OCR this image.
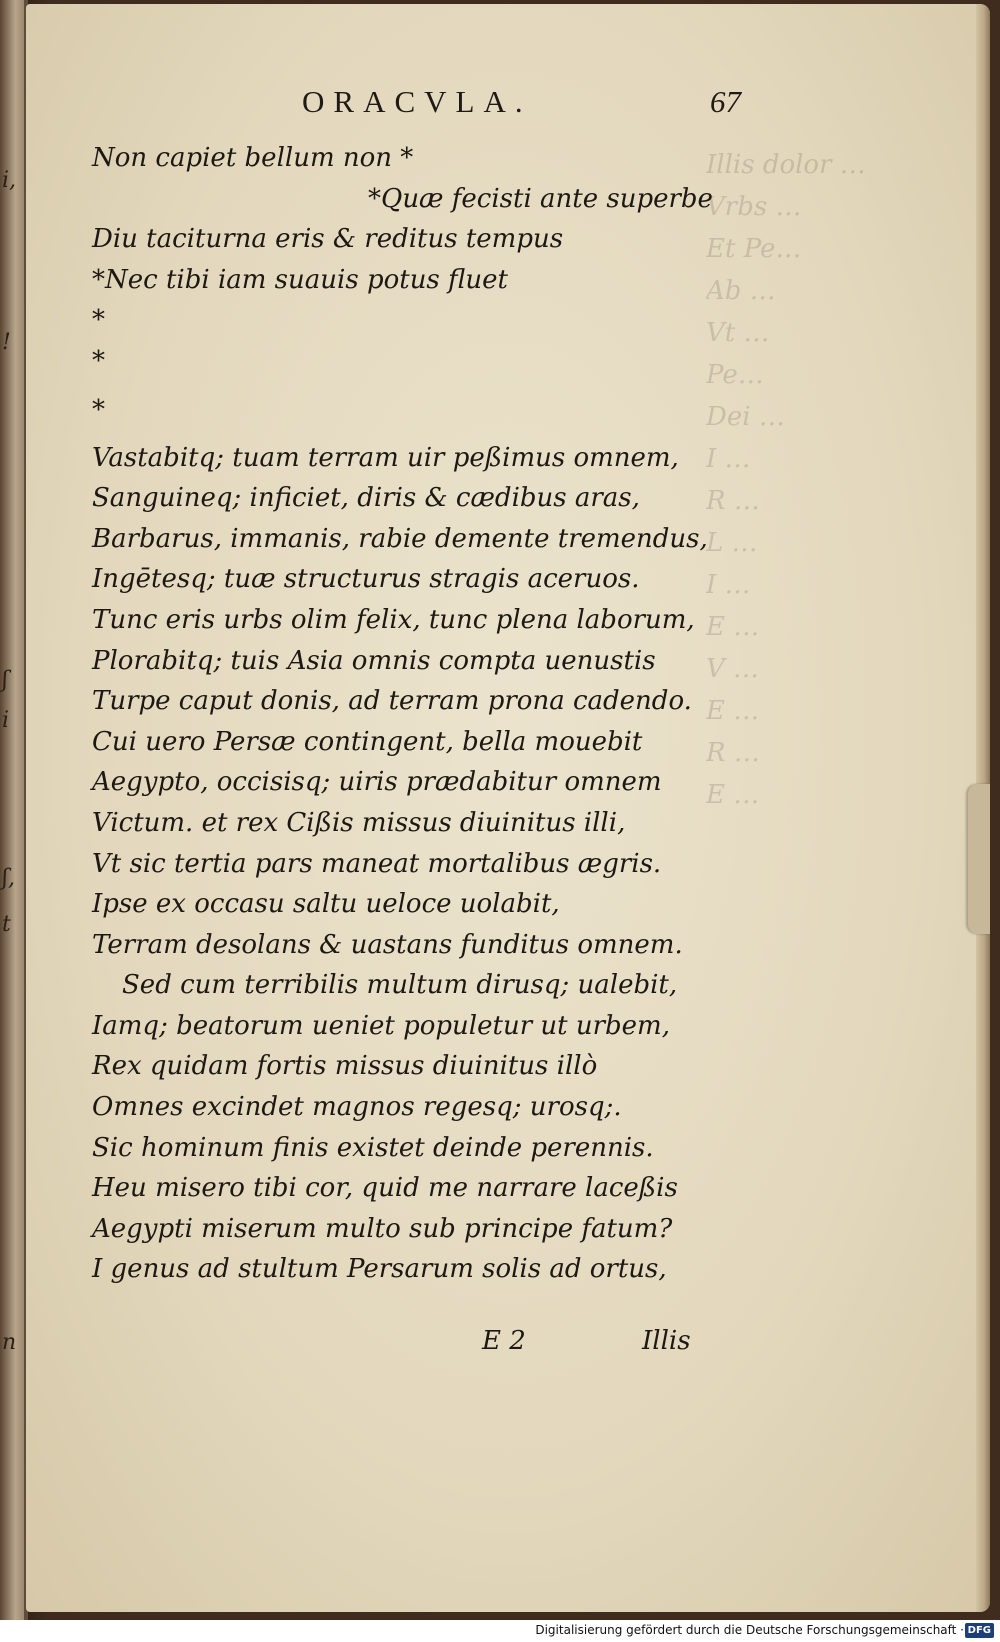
i,
!
ʃ
i
ʃ,
t
n
Illis dolor …
Vrbs …
Et Pe…
Ab …
Vt …
Pe…
Dei …
I …
R …
L …
I …
E …
V …
E …
R …
E …
ORACVLA.	67
Non capiet bellum non *
*Quæ fecisti ante superbe
Diu taciturna eris & reditus tempus
*Nec tibi iam suauis potus fluet
*
*
*
Vastabitq; tuam terram uir peßimus omnem,
Sanguineq; inficiet, diris & cædibus aras,
Barbarus, immanis, rabie demente tremendus,
Ingētesq; tuæ structurus stragis aceruos.
Tunc eris urbs olim felix, tunc plena laborum,
Plorabitq; tuis Asia omnis compta uenustis
Turpe caput donis, ad terram prona cadendo.
Cui uero Persæ contingent, bella mouebit
Aegypto, occisisq; uiris prædabitur omnem
Victum. et rex Cißis missus diuinitus illi,
Vt sic tertia pars maneat mortalibus ægris.
Ipse ex occasu saltu ueloce uolabit,
Terram desolans & uastans funditus omnem.
Sed cum terribilis multum dirusq; ualebit,
Iamq; beatorum ueniet populetur ut urbem,
Rex quidam fortis missus diuinitus illò
Omnes excindet magnos regesq; urosq;.
Sic hominum finis existet deinde perennis.
Heu misero tibi cor, quid me narrare laceßis
Aegypti miserum multo sub principe fatum?
I genus ad stultum Persarum solis ad ortus,
E 2	Illis

Digitalisierung gefördert durch die Deutsche Forschungsgemeinschaft · DFG
